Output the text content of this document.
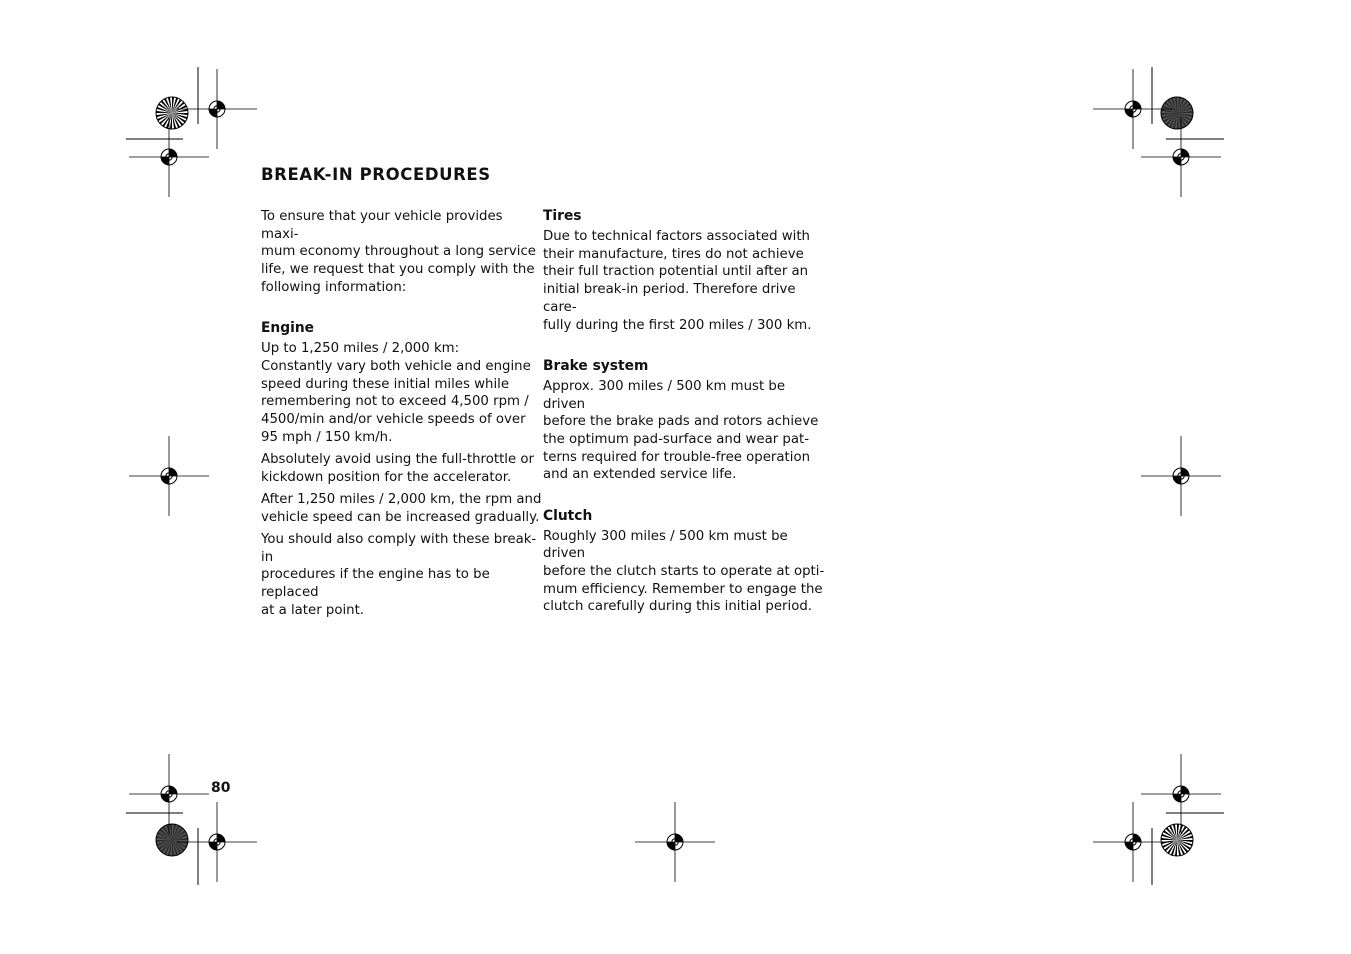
BREAK-IN PROCEDURES

To ensure that your vehicle provides maxi-
mum economy throughout a long service
life, we request that you comply with the
following information:

Engine

Up to 1,250 miles / 2,000 km:
Constantly vary both vehicle and engine
speed during these initial miles while
remembering not to exceed 4,500 rpm /
4500/min and/or vehicle speeds of over
95 mph / 150 km/h.

Absolutely avoid using the full-throttle or
kickdown position for the accelerator.

After 1,250 miles / 2,000 km, the rpm and
vehicle speed can be increased gradually.

You should also comply with these break-in
procedures if the engine has to be replaced
at a later point.

Tires

Due to technical factors associated with
their manufacture, tires do not achieve
their full traction potential until after an
initial break-in period. Therefore drive care-
fully during the first 200 miles / 300 km.

Brake system

Approx. 300 miles / 500 km must be driven
before the brake pads and rotors achieve
the optimum pad-surface and wear pat-
terns required for trouble-free operation
and an extended service life.

Clutch

Roughly 300 miles / 500 km must be driven
before the clutch starts to operate at opti-
mum efficiency. Remember to engage the
clutch carefully during this initial period.

80
